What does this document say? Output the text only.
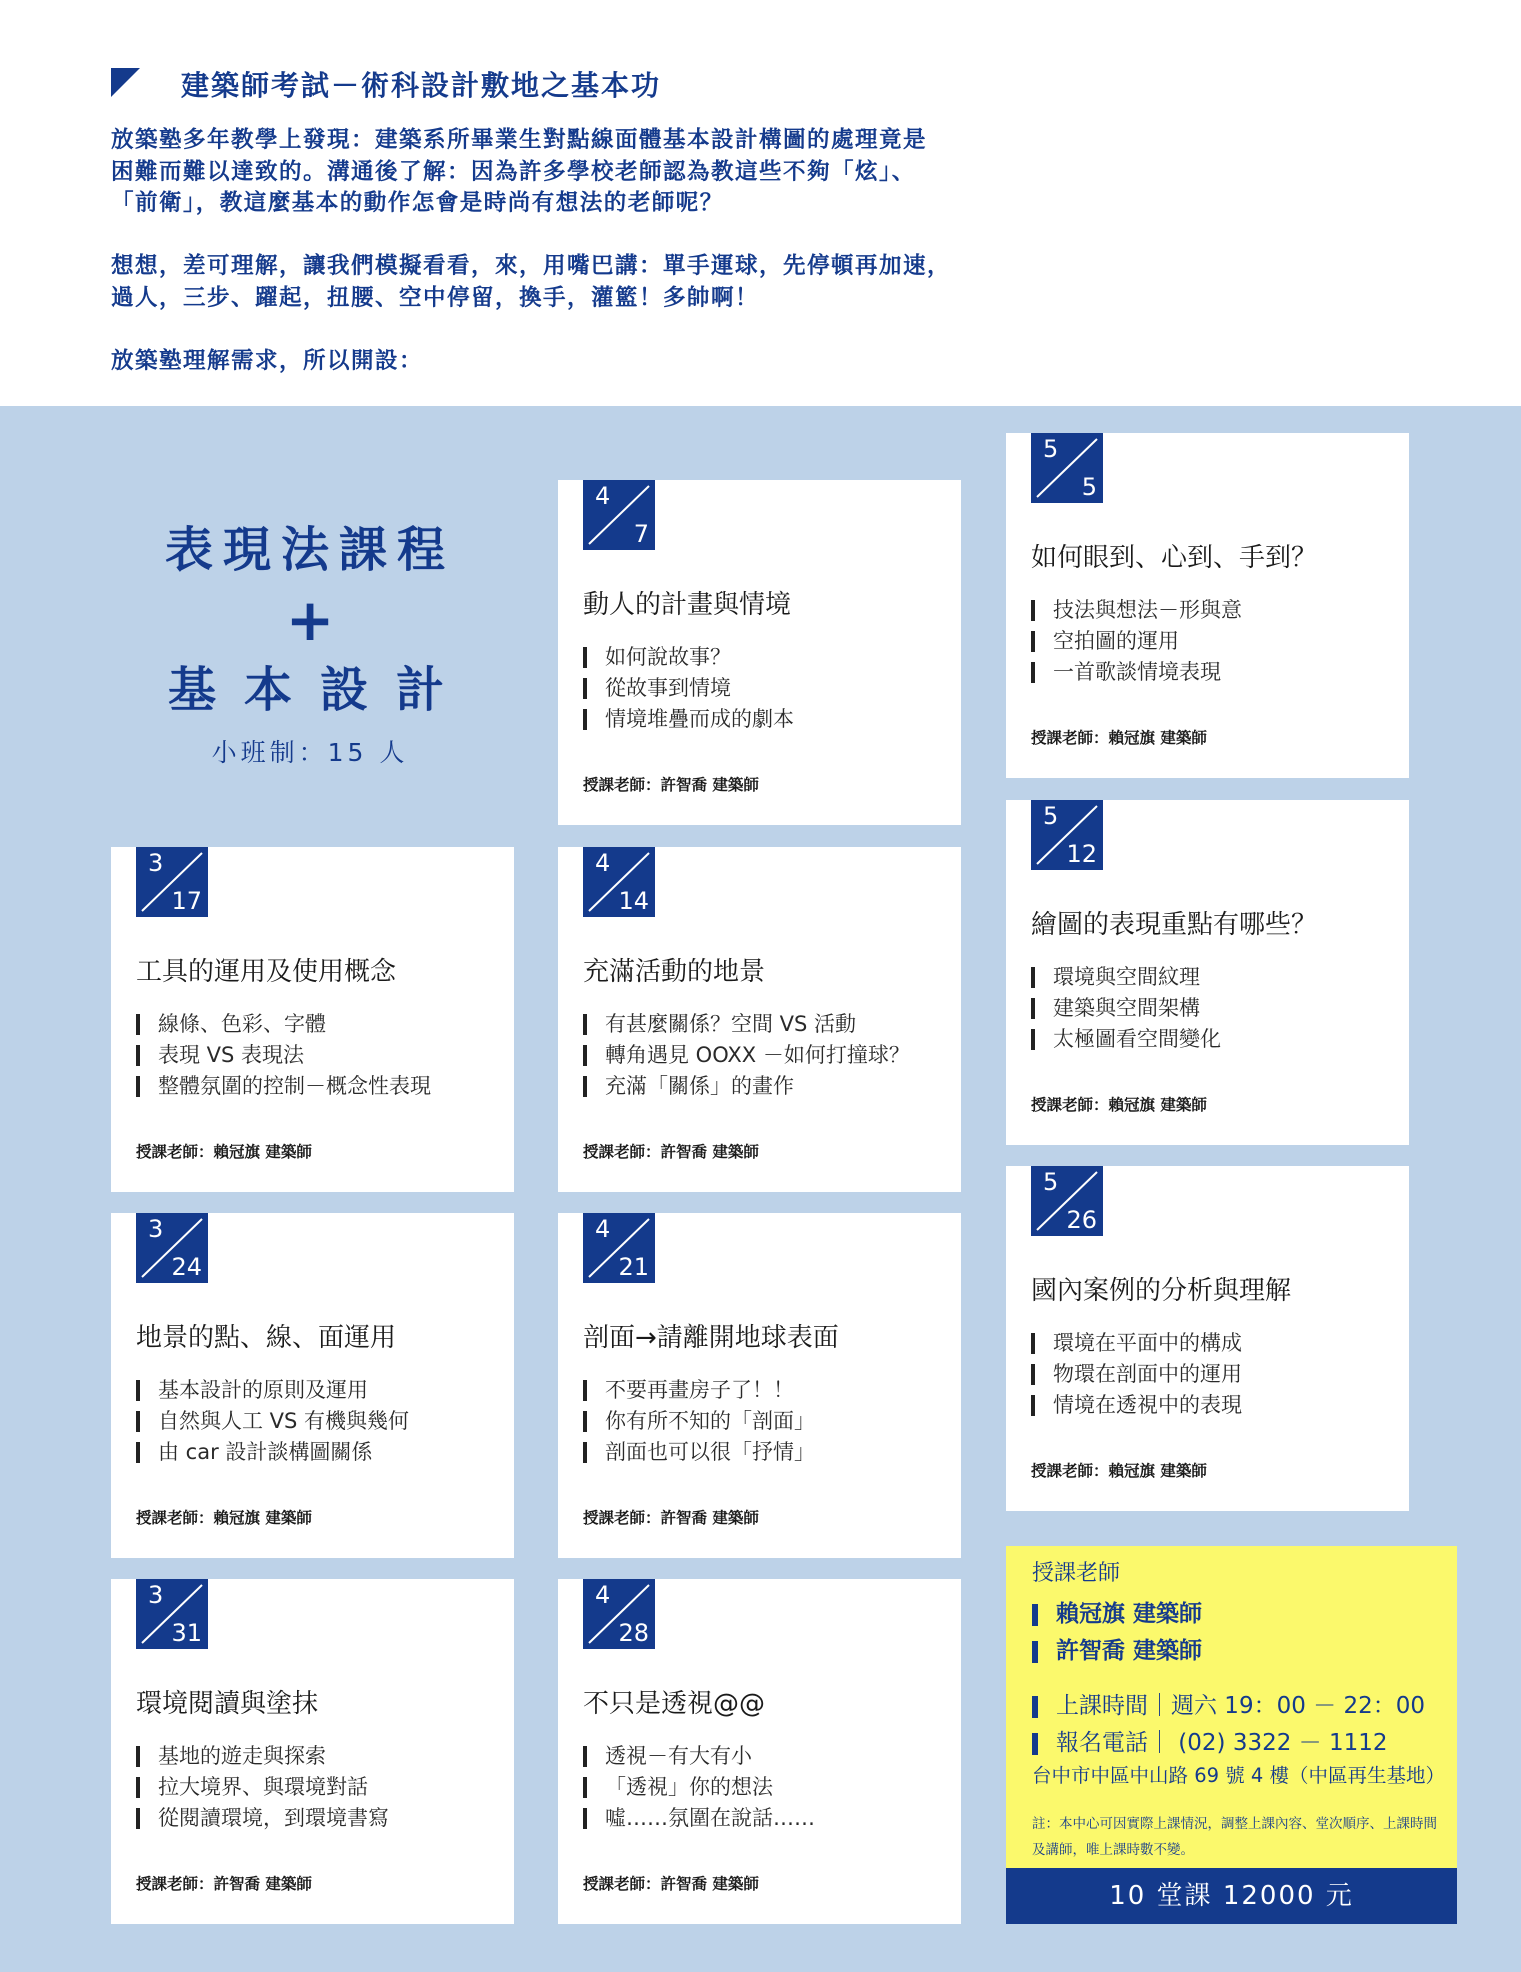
建築師考試－術科設計敷地之基本功

放築塾多年教學上發現：建築系所畢業生對點線面體基本設計構圖的處理竟是
困難而難以達致的。溝通後了解：因為許多學校老師認為教這些不夠「炫」、
「前衛」，教這麼基本的動作怎會是時尚有想法的老師呢？

想想，差可理解，讓我們模擬看看，來，用嘴巴講：單手運球，先停頓再加速，
過人，三步、躍起，扭腰、空中停留，換手，灌籃！多帥啊！

放築塾理解需求，所以開設：

表現法課程
+
基本設計
小班制：15 人
3
17
工具的運用及使用概念
線條、色彩、字體
表現 VS 表現法
整體氛圍的控制－概念性表現
授課老師：賴冠旗 建築師
3
24
地景的點、線、面運用
基本設計的原則及運用
自然與人工 VS 有機與幾何
由 car 設計談構圖關係
授課老師：賴冠旗 建築師
3
31
環境閱讀與塗抹
基地的遊走與探索
拉大境界、與環境對話
從閱讀環境，到環境書寫
授課老師：許智喬 建築師
4
7
動人的計畫與情境
如何說故事？
從故事到情境
情境堆疊而成的劇本
授課老師：許智喬 建築師
4
14
充滿活動的地景
有甚麼關係？空間 VS 活動
轉角遇見 OOXX －如何打撞球？
充滿「關係」的畫作
授課老師：許智喬 建築師
4
21
剖面→請離開地球表面
不要再畫房子了！！
你有所不知的「剖面」
剖面也可以很「抒情」
授課老師：許智喬 建築師
4
28
不只是透視@@
透視－有大有小
「透視」你的想法
噓……氛圍在說話……
授課老師：許智喬 建築師
5
5
如何眼到、心到、手到？
技法與想法－形與意
空拍圖的運用
一首歌談情境表現
授課老師：賴冠旗 建築師
5
12
繪圖的表現重點有哪些？
環境與空間紋理
建築與空間架構
太極圖看空間變化
授課老師：賴冠旗 建築師
5
26
國內案例的分析與理解
環境在平面中的構成
物環在剖面中的運用
情境在透視中的表現
授課老師：賴冠旗 建築師
授課老師
賴冠旗 建築師
許智喬 建築師
上課時間｜週六 19：00 － 22：00
報名電話｜ (02) 3322 － 1112
台中市中區中山路 69 號 4 樓（中區再生基地）
註：本中心可因實際上課情況，調整上課內容、堂次順序、上課時間及講師，唯上課時數不變。
10 堂課 12000 元
